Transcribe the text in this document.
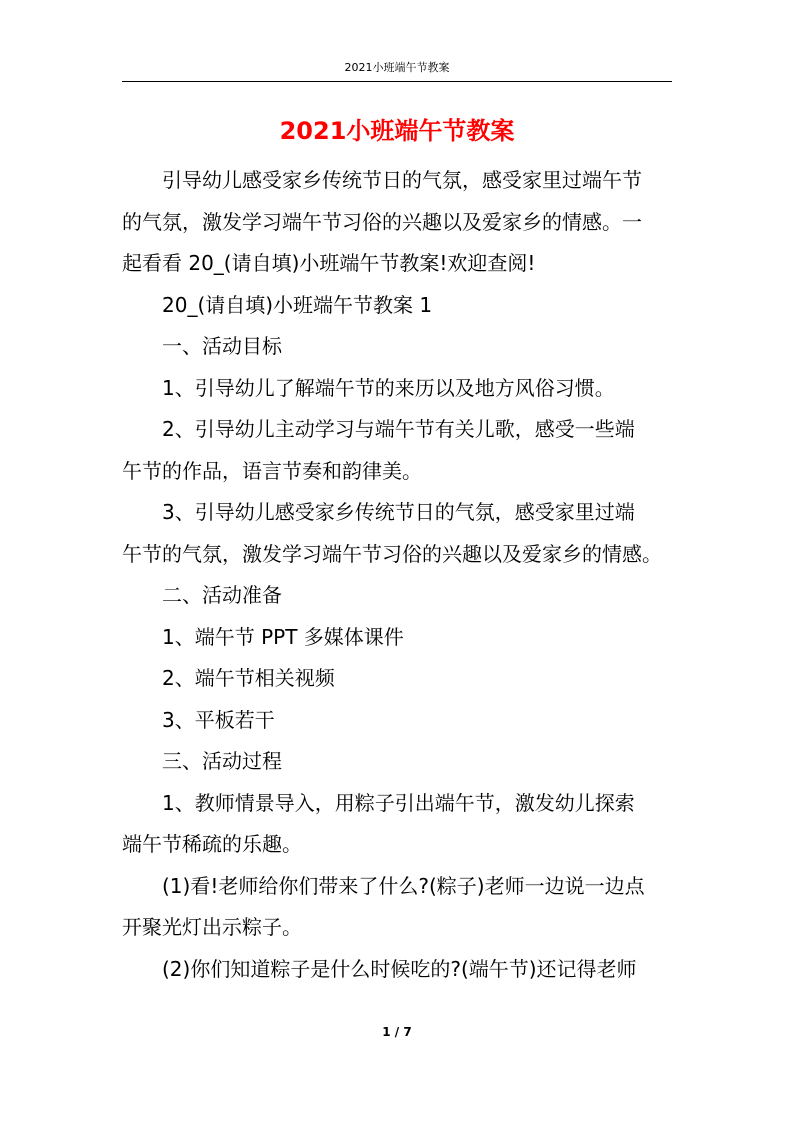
2021小班端午节教案
2021小班端午节教案

引导幼儿感受家乡传统节日的气氛，感受家里过端午节

的气氛，激发学习端午节习俗的兴趣以及爱家乡的情感。一

起看看 20_(请自填)小班端午节教案!欢迎查阅!

20_(请自填)小班端午节教案 1

一、活动目标

1、引导幼儿了解端午节的来历以及地方风俗习惯。

2、引导幼儿主动学习与端午节有关儿歌，感受一些端

午节的作品，语言节奏和韵律美。

3、引导幼儿感受家乡传统节日的气氛，感受家里过端

午节的气氛，激发学习端午节习俗的兴趣以及爱家乡的情感。

二、活动准备

1、端午节 PPT 多媒体课件

2、端午节相关视频

3、平板若干

三、活动过程

1、教师情景导入，用粽子引出端午节，激发幼儿探索

端午节稀疏的乐趣。

(1)看!老师给你们带来了什么?(粽子)老师一边说一边点

开聚光灯出示粽子。

(2)你们知道粽子是什么时候吃的?(端午节)还记得老师

1 / 7
